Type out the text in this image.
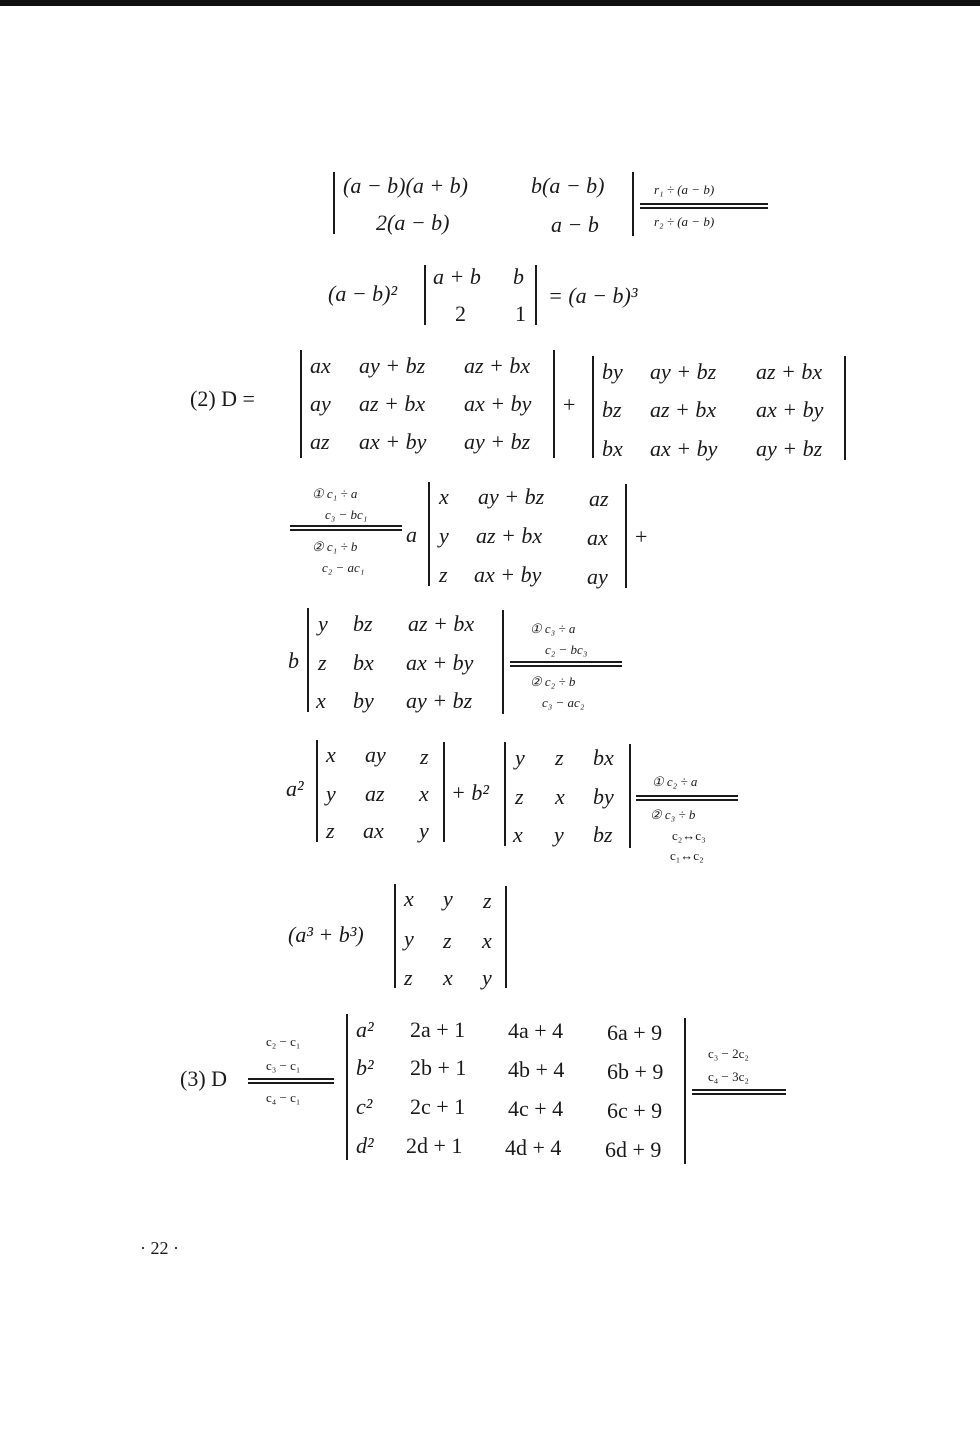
(a − b)(a + b)	b(a − b)
2(a − b)	a − b
r₁ ÷ (a − b)
r₂ ÷ (a − b)
(a − b)²
a + b b
2 1
= (a − b)³
(2) D =
ax ay + bz az + bx
ay az + bx ax + by
az ax + by ay + bz
+
by ay + bz az + bx
bz az + bx ax + by
bx ax + by ay + bz
① c₁ ÷ a
c₃ − bc₁
② c₁ ÷ b
c₂ − ac₁
a
x ay + bz az
y az + bx ax
z ax + by ay
+
b
y bz az + bx
z bx ax + by
x by ay + bz
① c₃ ÷ a
c₂ − bc₃
② c₂ ÷ b
c₃ − ac₂
a²
x ay z
y az x
z ax y
+ b²
y z bx
z x by
x y bz
① c₂ ÷ a
② c₃ ÷ b
c₂↔c₃
c₁↔c₂
(a³ + b³)
x y z
y z x
z x y
(3) D
c₂ − c₁
c₃ − c₁
c₄ − c₁
a² 2a + 1 4a + 4 6a + 9
b² 2b + 1 4b + 4 6b + 9
c² 2c + 1 4c + 4 6c + 9
d² 2d + 1 4d + 4 6d + 9
c₃ − 2c₂
c₄ − 3c₂
· 22 ·
